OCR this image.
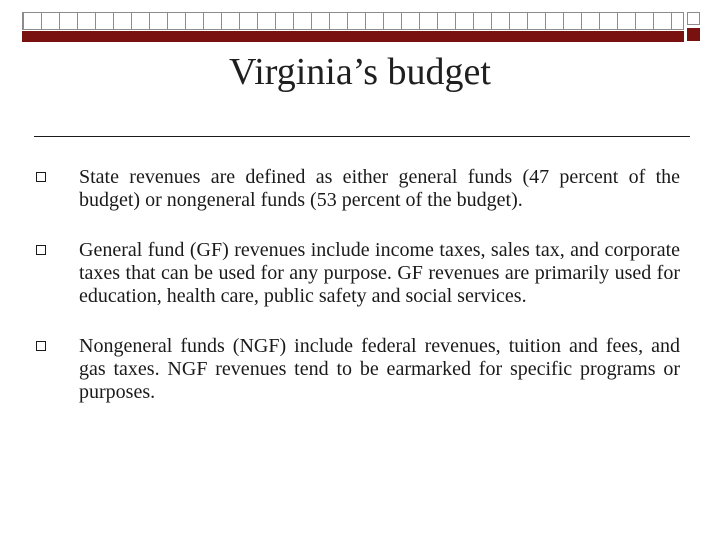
Virginia’s budget
State revenues are defined as either general funds (47 percent of the budget) or nongeneral funds (53 percent of the budget).
General fund (GF) revenues include income taxes, sales tax, and corporate taxes that can be used for any purpose. GF revenues are primarily used for education, health care, public safety and social services.
Nongeneral funds (NGF) include federal revenues, tuition and fees, and gas taxes. NGF revenues tend to be earmarked for specific programs or purposes.
